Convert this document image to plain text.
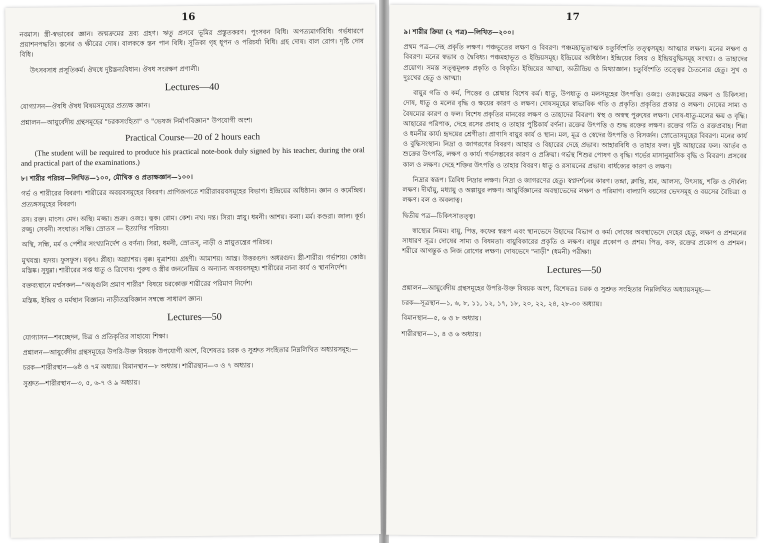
16

নবমাস। স্ত্রী-স্বভাবের জ্ঞান। জন্মক্রমের দ্রব্য গ্রহণ। ঋতু প্রসবে ভূমির প্রস্তুতকরণ। পুংসবন বিধি। অপত্যমার্গবিধি। গর্ভধারণে প্রয়াশনপদ্ধতি। স্তনের ও ক্ষীরের দোষ। বালককে স্তন পান বিধি। সূতিকা গৃহ ধূপন ও পরিচর্যা বিধি। গ্রহ দোষ। বাল রোগ। দৃষ্টি দোষ বিধি।

উৎসবসাধ প্রসূতিকর্ম। ঔষধে দুষ্টস্তন্যবিধান। ঔষধ সংরক্ষণ প্রণালী।

Lectures—40

যোগ্যাসন—ঔষধি ঔষধ বিষয়সমূহের প্রত্যক্ষ জ্ঞান।

প্রশ্নালন—আয়ুর্বেদীয় গ্রন্থসমূহের "চরকসংহিতা" ও "ভেষজ নির্মাণবিজ্ঞান" উপযোগী অংশ।

Practical Course—20 of 2 hours each

(The student will be required to produce his practical note-book duly signed by his teacher, during the oral and practical part of the examinations.)

৮। শারীর পরিচয়—লিখিত—১০০, মৌখিক ও প্রত্যক্ষজ্ঞান—১০০।

গর্ভ ও শারীরের বিবরণ। শারীরের অবয়বসমূহের বিবরণ। প্রাণিজগতে শারীরাবয়বসমূহের বিভাগ। ইন্দ্রিয়ের অধিষ্ঠান। জ্ঞান ও কর্মেন্দ্রিয়। প্রত্যঙ্গসমূহের বিবরণ।

রস। রক্ত। মাংস। মেদ। অস্থি। মজ্জা। শুক্র। ওজঃ। ত্বক। রোম। কেশ। নখ। দন্ত। সিরা। স্নায়ু। ধমনী। আশয়। কলা। মর্ম। কণ্ডরা। জাল। কূর্চ। রজ্জু। সেবনী। সংঘাত। সন্ধি। স্রোতস — ইত্যাদির পরিচয়।

অস্থি, সন্ধি, মর্ম ও পেশীর সংখ্যানির্দেশ ও বর্ণনা। সিরা, ধমনী, স্রোতস্, নাড়ী ও স্নায়ুতন্ত্রের পরিচয়।

মুখযন্ত্র। হৃদয়। ফুসফুস। যকৃৎ। প্লীহা। অগ্ন্যাশয়। বৃক্ক। মূত্রাশয়। গ্রহণী। আমাশয়। আন্ত্র। উত্তরগুদ। অধরগুদ। স্ত্রী-শারীর। গর্ভাশয়। কোষ্ঠ। মস্তিষ্ক। সুষুম্না। শারীরের সপ্ত ধাতু ও ত্রিদোষ। পুরুষ ও স্ত্রীর জননেন্দ্রিয় ও অন্যান্য অবয়বসমূহ। শারীরের নানা কার্য ও স্থাননির্দেশ।

বক্তব্যস্থানে মর্ম্মসকল—"অঙ্গুলি প্রমাণ শারীর" বিষয়ে চরকোক্ত শারীরের পরিমাণ নির্দেশ।

মস্তিষ্ক, ইন্দ্রিয় ও মর্মস্থান বিজ্ঞান। নাড়ীতন্ত্রবিজ্ঞান সম্বন্ধে সাধারণ জ্ঞান।

Lectures—50

যোগ্যাসন—শবচ্ছেদন, চিত্র ও প্রতিকৃতির সাহায্যে শিক্ষা।

প্রশ্নালন—আয়ুর্বেদীয় গ্রন্থসমূহের উপরি-উক্ত বিষয়ক উপযোগী অংশ, বিশেষতঃ চরক ও সুশ্রুত সংহিতার নিম্নলিখিত অধ্যায়সমূহ:—

চরক—শারীরস্থান—৬ষ্ঠ ও ৭ম অধ্যায়। বিমানস্থান—৮ অধ্যায়। শারীরস্থান—৩ ও ৭ অধ্যায়।

সুশ্রুত—শারীরস্থান—৩, ৫, ৬-৭ ও ৯ অধ্যায়।

17

৯। শারীর ক্রিয়া (২ পত্র)—লিখিত—২০০।

প্রথম পত্র—দেহ প্রকৃতি লক্ষণ। পঞ্চভূতের লক্ষণ ও বিবরণ। পঞ্চমহাভূতাত্মক চতুর্বিংশতি তত্ত্বসমূহ। আত্মার লক্ষণ। মনের লক্ষণ ও বিবরণ। মনের স্বভাব ও দ্বৈবিধ্য। পঞ্চমহাভূত ও ইন্দ্রিয়সমূহ। ইন্দ্রিয়ের অধিষ্ঠান। ইন্দ্রিয়ের বিষয় ও ইন্দ্রিয়বুদ্ধিসমূহ সংখ্যা। ও তাহাদের প্রয়োগ। সমস্ত সত্ত্বমূলক প্রকৃতি ও বিকৃতি। ইন্দ্রিয়ের আত্মা, অতীন্দ্রিয় ও মিথ্যাজ্ঞান। চতুর্বিংশতি তত্ত্বের চৈতন্যের হেতু। সুখ ও দুঃখের হেতু ও আত্মা।

বায়ুর গতি ও কর্ম, পিত্তের ও শ্লেষ্মার বিশেষ কর্ম। ধাতু, উপধাতু ও মলসমূহের উৎপত্তি। ওজঃ। ওজঃক্ষয়ের লক্ষণ ও চিকিৎসা। দোষ, ধাতু ও মলের বৃদ্ধি ও ক্ষয়ের কারণ ও লক্ষণ। দোষসমূহের স্বাভাবিক গতি ও প্রকৃতি। প্রকৃতির প্রকার ও লক্ষণ। দোষের সাম্য ও বৈষম্যের কারণ ও ফল। বিশেষ প্রকৃতির মানবের লক্ষণ ও তাহাদের বিবরণ। স্বস্থ ও অস্বস্থ পুরুষের লক্ষণ। দোষ-ধাতু-মলের ক্ষয় ও বৃদ্ধি। আহারের পরিপাক, দেহে রসের প্রবাহ ও তাহার পুষ্টিকার্য বর্ণনা। রক্তের উৎপত্তি ও শুদ্ধ রক্তের লক্ষণ। রক্তের গতি ও রক্তপ্রবাহ। শিরা ও ধমনীর কার্য। হৃদয়ের শ্রেণীতা। প্রাণাদি বায়ুর কার্য ও স্থান। মল, মূত্র ও স্বেদের উৎপত্তি ও বিসর্জন। স্রোতোসমূহের বিবরণ। মনের কার্য ও বুদ্ধিসংস্থান। নিদ্রা ও জাগরণের বিবরণ। আহার ও বিহারের দেহে প্রভাব। আহারবিধি ও তাহার ফল। দুষ্ট আহারের ফল। আর্তব ও শুক্রের উৎপত্তি, লক্ষণ ও কার্য। গর্ভসম্ভবের কারণ ও প্রক্রিয়া। গর্ভস্থ শিশুর পোষণ ও বৃদ্ধি। গর্ভের মাসানুমাসিক বৃদ্ধি ও বিবরণ। প্রসবের কাল ও লক্ষণ। দেহে শক্তির উৎপত্তি ও তাহার বিবরণ। ধাতু ও রসায়নের প্রভাব। বার্ধক্যের কারণ ও লক্ষণ।

নিদ্রার স্বরূপ। ত্রিবিধ নিদ্রার লক্ষণ। নিদ্রা ও জাগরণের হেতু। স্বপ্নদর্শনের কারণ। তন্দ্রা, ক্লান্তি, শ্রম, আলস্য, উৎসাহ, শক্তি ও দৌর্বল্য লক্ষণ। দীর্ঘায়ু, মধ্যায়ু ও অল্পায়ুর লক্ষণ। আয়ুর্বিজ্ঞানের অবস্থাভেদের লক্ষণ ও পরিমাণ। বাল্যাদি বয়সের ভেদসমূহ ও বয়সের বৈচিত্র্য ও লক্ষণ। বল ও অবলাত্ব।

দ্বিতীয় পত্র—চিকিৎসাতত্ত্ব।

স্বাস্থ্যের নিয়ম। বায়ু, পিত্ত, কফের স্বরূপ এবং স্থানভেদে উহাদের বিভাগ ও কর্ম। দোষের অবস্থাভেদে দেহের হেতু, লক্ষণ ও প্রশমনের সাধারণ সূত্র। দোষের সাম্য ও বিষমতা। বায়ুবিকারের প্রকৃতি ও লক্ষণ। বায়ুর প্রকোপ ও প্রশম। পিত্ত, কফ, রক্তের প্রকোপ ও প্রশমন। শরীরে আগন্তুক ও নিজ রোগের লক্ষণ। দোষভেদে "নাড়ী" (ধমনী) পরীক্ষা।

Lectures—50

প্রশ্নালন—আয়ুর্বেদীয় গ্রন্থসমূহের উপরি-উক্ত বিষয়ক অংশ, বিশেষতঃ চরক ও সুশ্রুত সংহিতার নিম্নলিখিত অধ্যায়সমূহ:—

চরক—সূত্রস্থান—১, ৬, ৮, ১১, ১২, ১৭, ১৮, ২০, ২২, ২৪, ২৮-৩০ অধ্যায়।

বিমানস্থান—৫, ৬ ও ৮ অধ্যায়।

শারীরস্থান—১, ৪ ও ৬ অধ্যায়।
